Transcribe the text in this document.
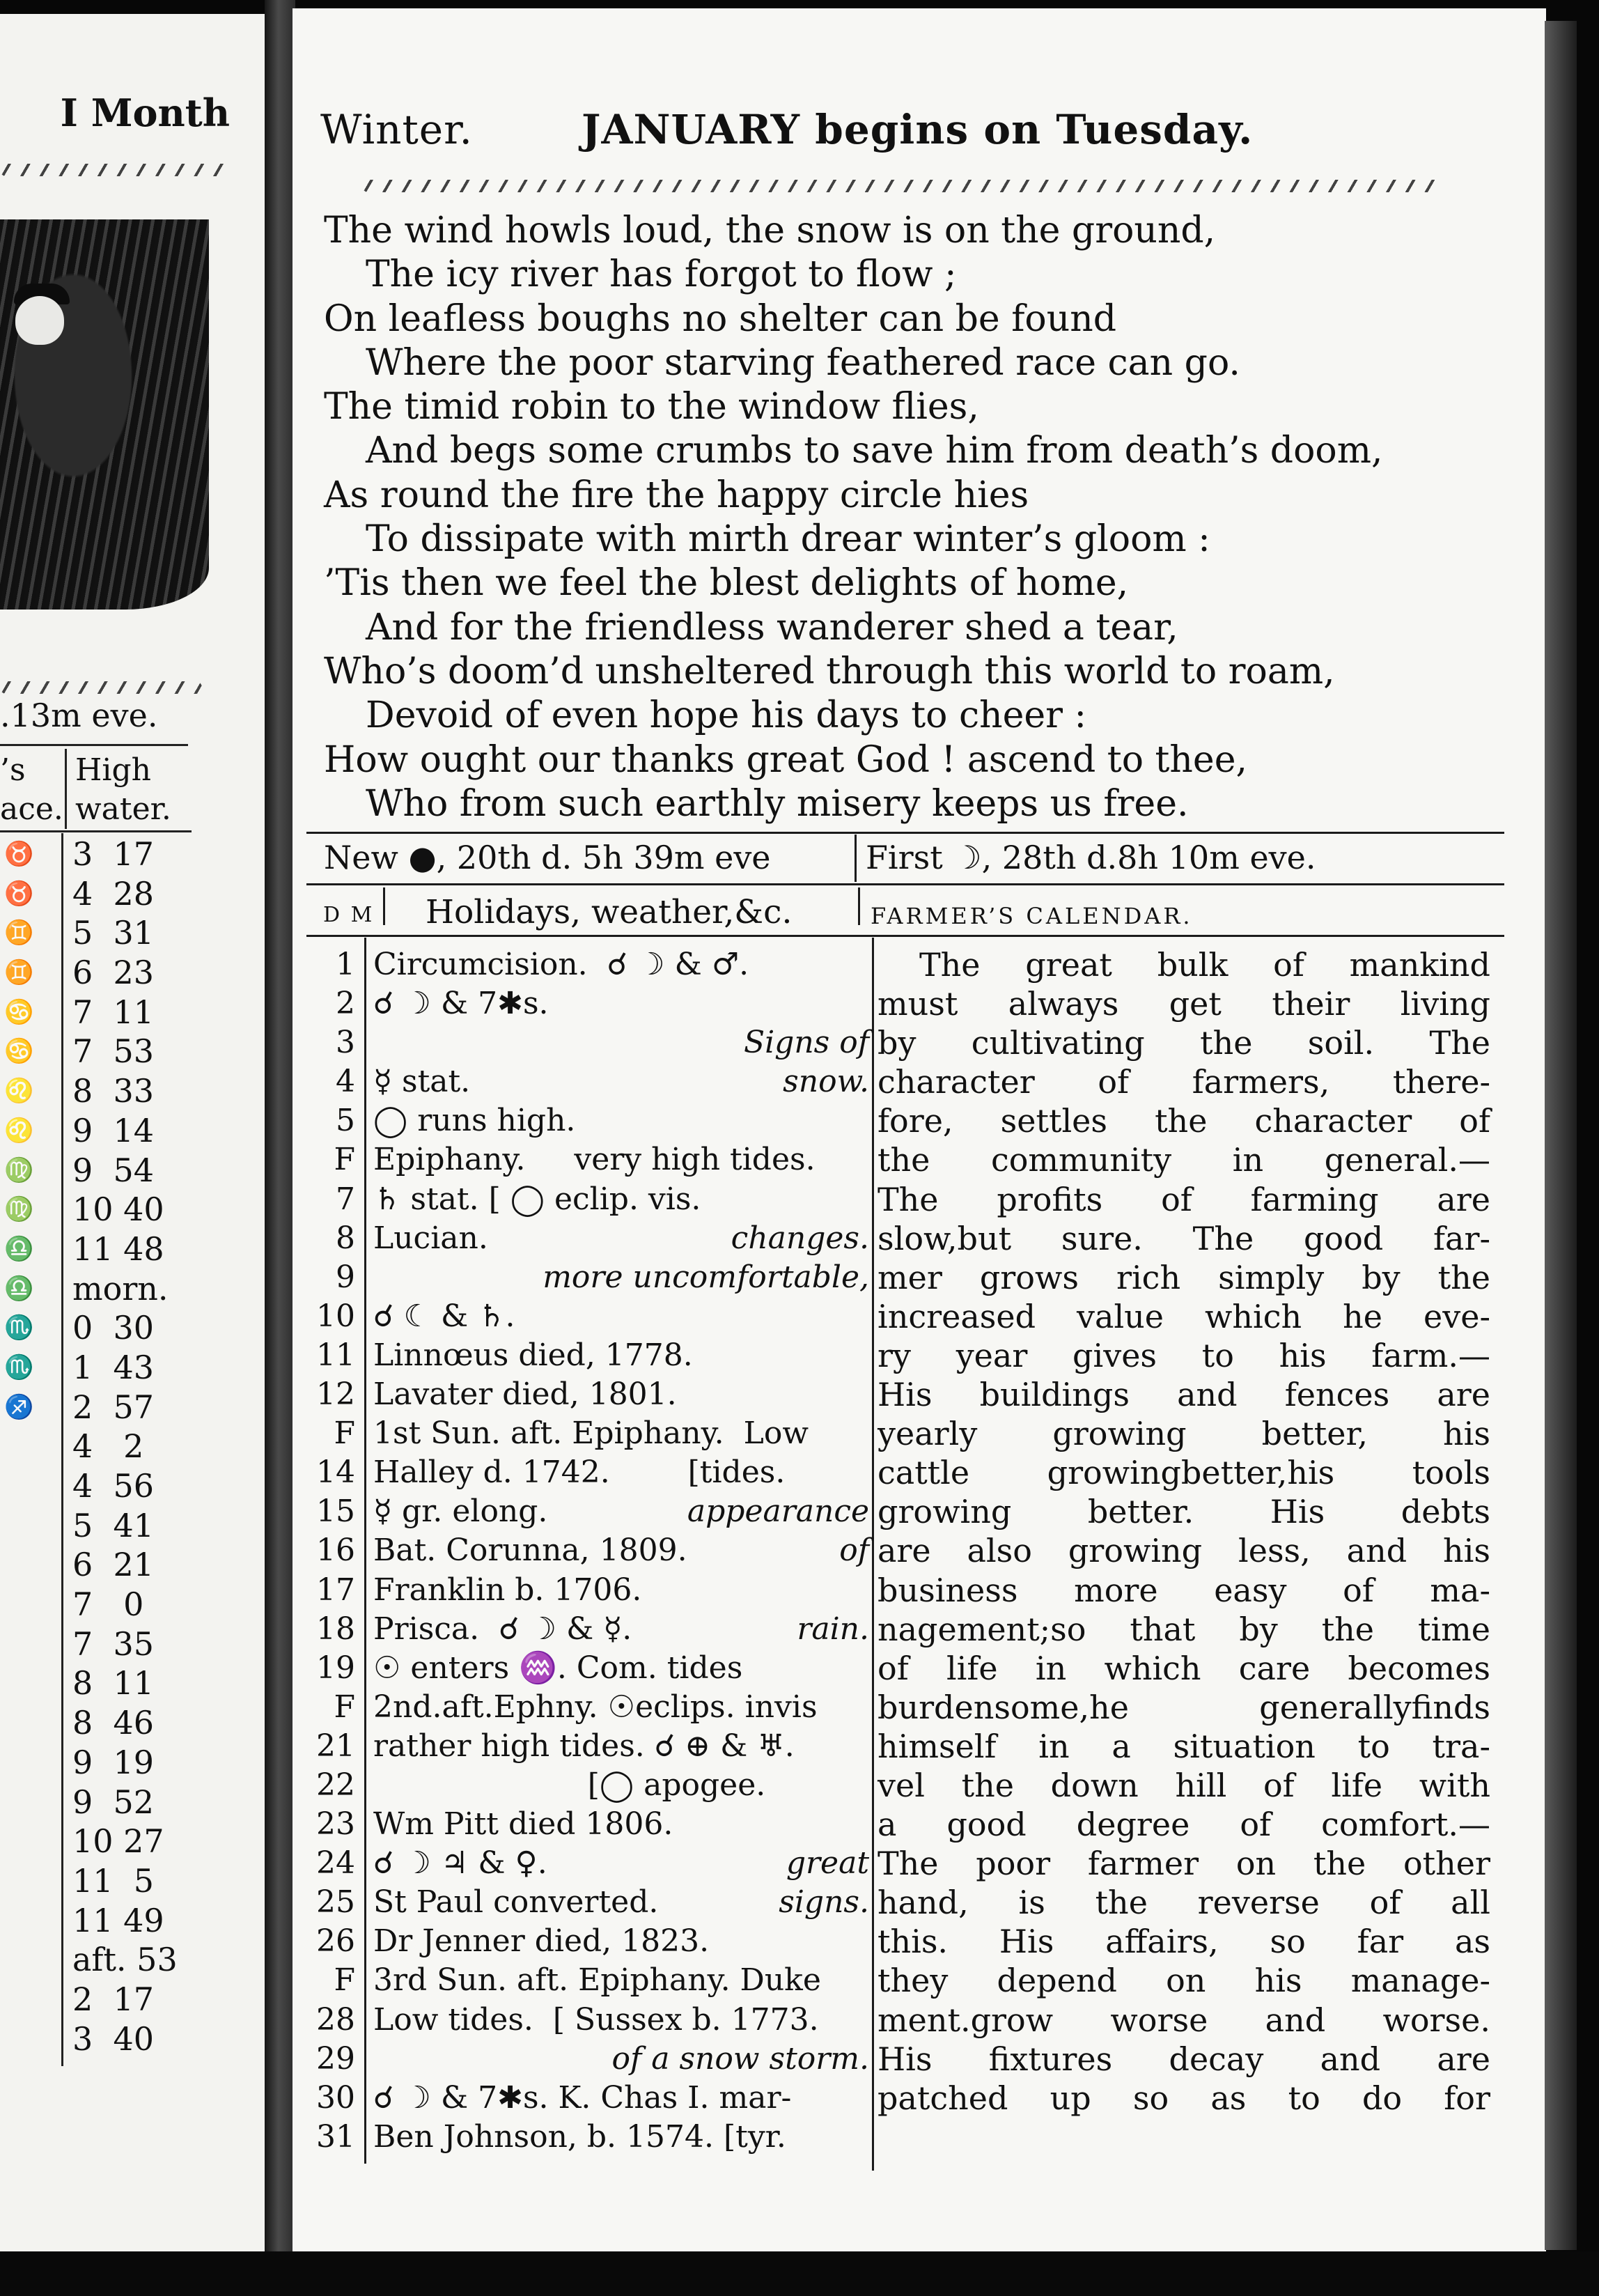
I Month
.13m eve.
’s
ace.
High
water.
♉ 3  17
♉ 4  28
♊ 5  31
♊ 6  23
♋ 7  11
♋ 7  53
♌ 8  33
♌ 9  14
♍ 9  54
♍ 10 40
♎ 11 48
♎ morn.
♏ 0  30
♏ 1  43
♐ 2  57
4   2
4  56
5  41
6  21
7   0
7  35
8  11
8  46
9  19
9  52
10 27
11  5
11 49
aft. 53
2  17
3  40
Winter.	JANUARY begins on Tuesday.
The wind howls loud, the snow is on the ground,
The icy river has forgot to flow ;
On leafless boughs no shelter can be found
Where the poor starving feathered race can go.
The timid robin to the window flies,
And begs some crumbs to save him from death’s doom,
As round the fire the happy circle hies
To dissipate with mirth drear winter’s gloom :
’Tis then we feel the blest delights of home,
And for the friendless wanderer shed a tear,
Who’s doom’d unsheltered through this world to roam,
Devoid of even hope his days to cheer :
How ought our thanks great God ! ascend to thee,
Who from such earthly misery keeps us free.
New ●, 20th d. 5h 39m eve	First ☽, 28th d.8h 10m eve.
D M Holidays, weather,&c.	FARMER’S CALENDAR.
1 Circumcision.  ☌ ☽ & ♂.
2 ☌ ☽ & 7✱s.
3	Signs of
4 ☿ stat.	snow.
5 ◯ runs high.
F Epiphany.     very high tides.
7 ♄ stat. [ ◯ eclip. vis.
8 Lucian.	changes.
9	more uncomfortable,
10 ☌ ☾ & ♄.
11 Linnœus died, 1778.
12 Lavater died, 1801.
F 1st Sun. aft. Epiphany.  Low
14 Halley d. 1742.        [tides.
15 ☿ gr. elong.	appearance
16 Bat. Corunna, 1809.	of
17 Franklin b. 1706.
18 Prisca.  ☌ ☽ & ☿.	rain.
19 ☉ enters ♒. Com. tides
F 2nd.aft.Ephny. ☉eclips. invis
21 rather high tides. ☌ ⊕ & ♅.
22 [◯ apogee.
23 Wm Pitt died 1806.
24 ☌ ☽ ♃ & ♀.	great
25 St Paul converted.	signs.
26 Dr Jenner died, 1823.
F 3rd Sun. aft. Epiphany. Duke
28 Low tides.  [ Sussex b. 1773.
29	of a snow storm.
30 ☌ ☽ & 7✱s. K. Chas I. mar-
31 Ben Johnson, b. 1574. [tyr.
The great bulk of mankind
must always get their living
by cultivating the soil. The
character of farmers, there-
fore, settles the character of
the community in general.—
The profits of farming are
slow,but sure. The good far-
mer grows rich simply by the
increased value which he eve-
ry year gives to his farm.—
His buildings and fences are
yearly growing better, his
cattle growingbetter,his tools
growing better. His debts
are also growing less, and his
business more easy of ma-
nagement;so that by the time
of life in which care becomes
burdensome,he generallyfinds
himself in a situation to tra-
vel the down hill of life with
a good degree of comfort.—
The poor farmer on the other
hand, is the reverse of all
this. His affairs, so far as
they depend on his manage-
ment.grow worse and worse.
His fixtures decay and are
patched up so as to do for
